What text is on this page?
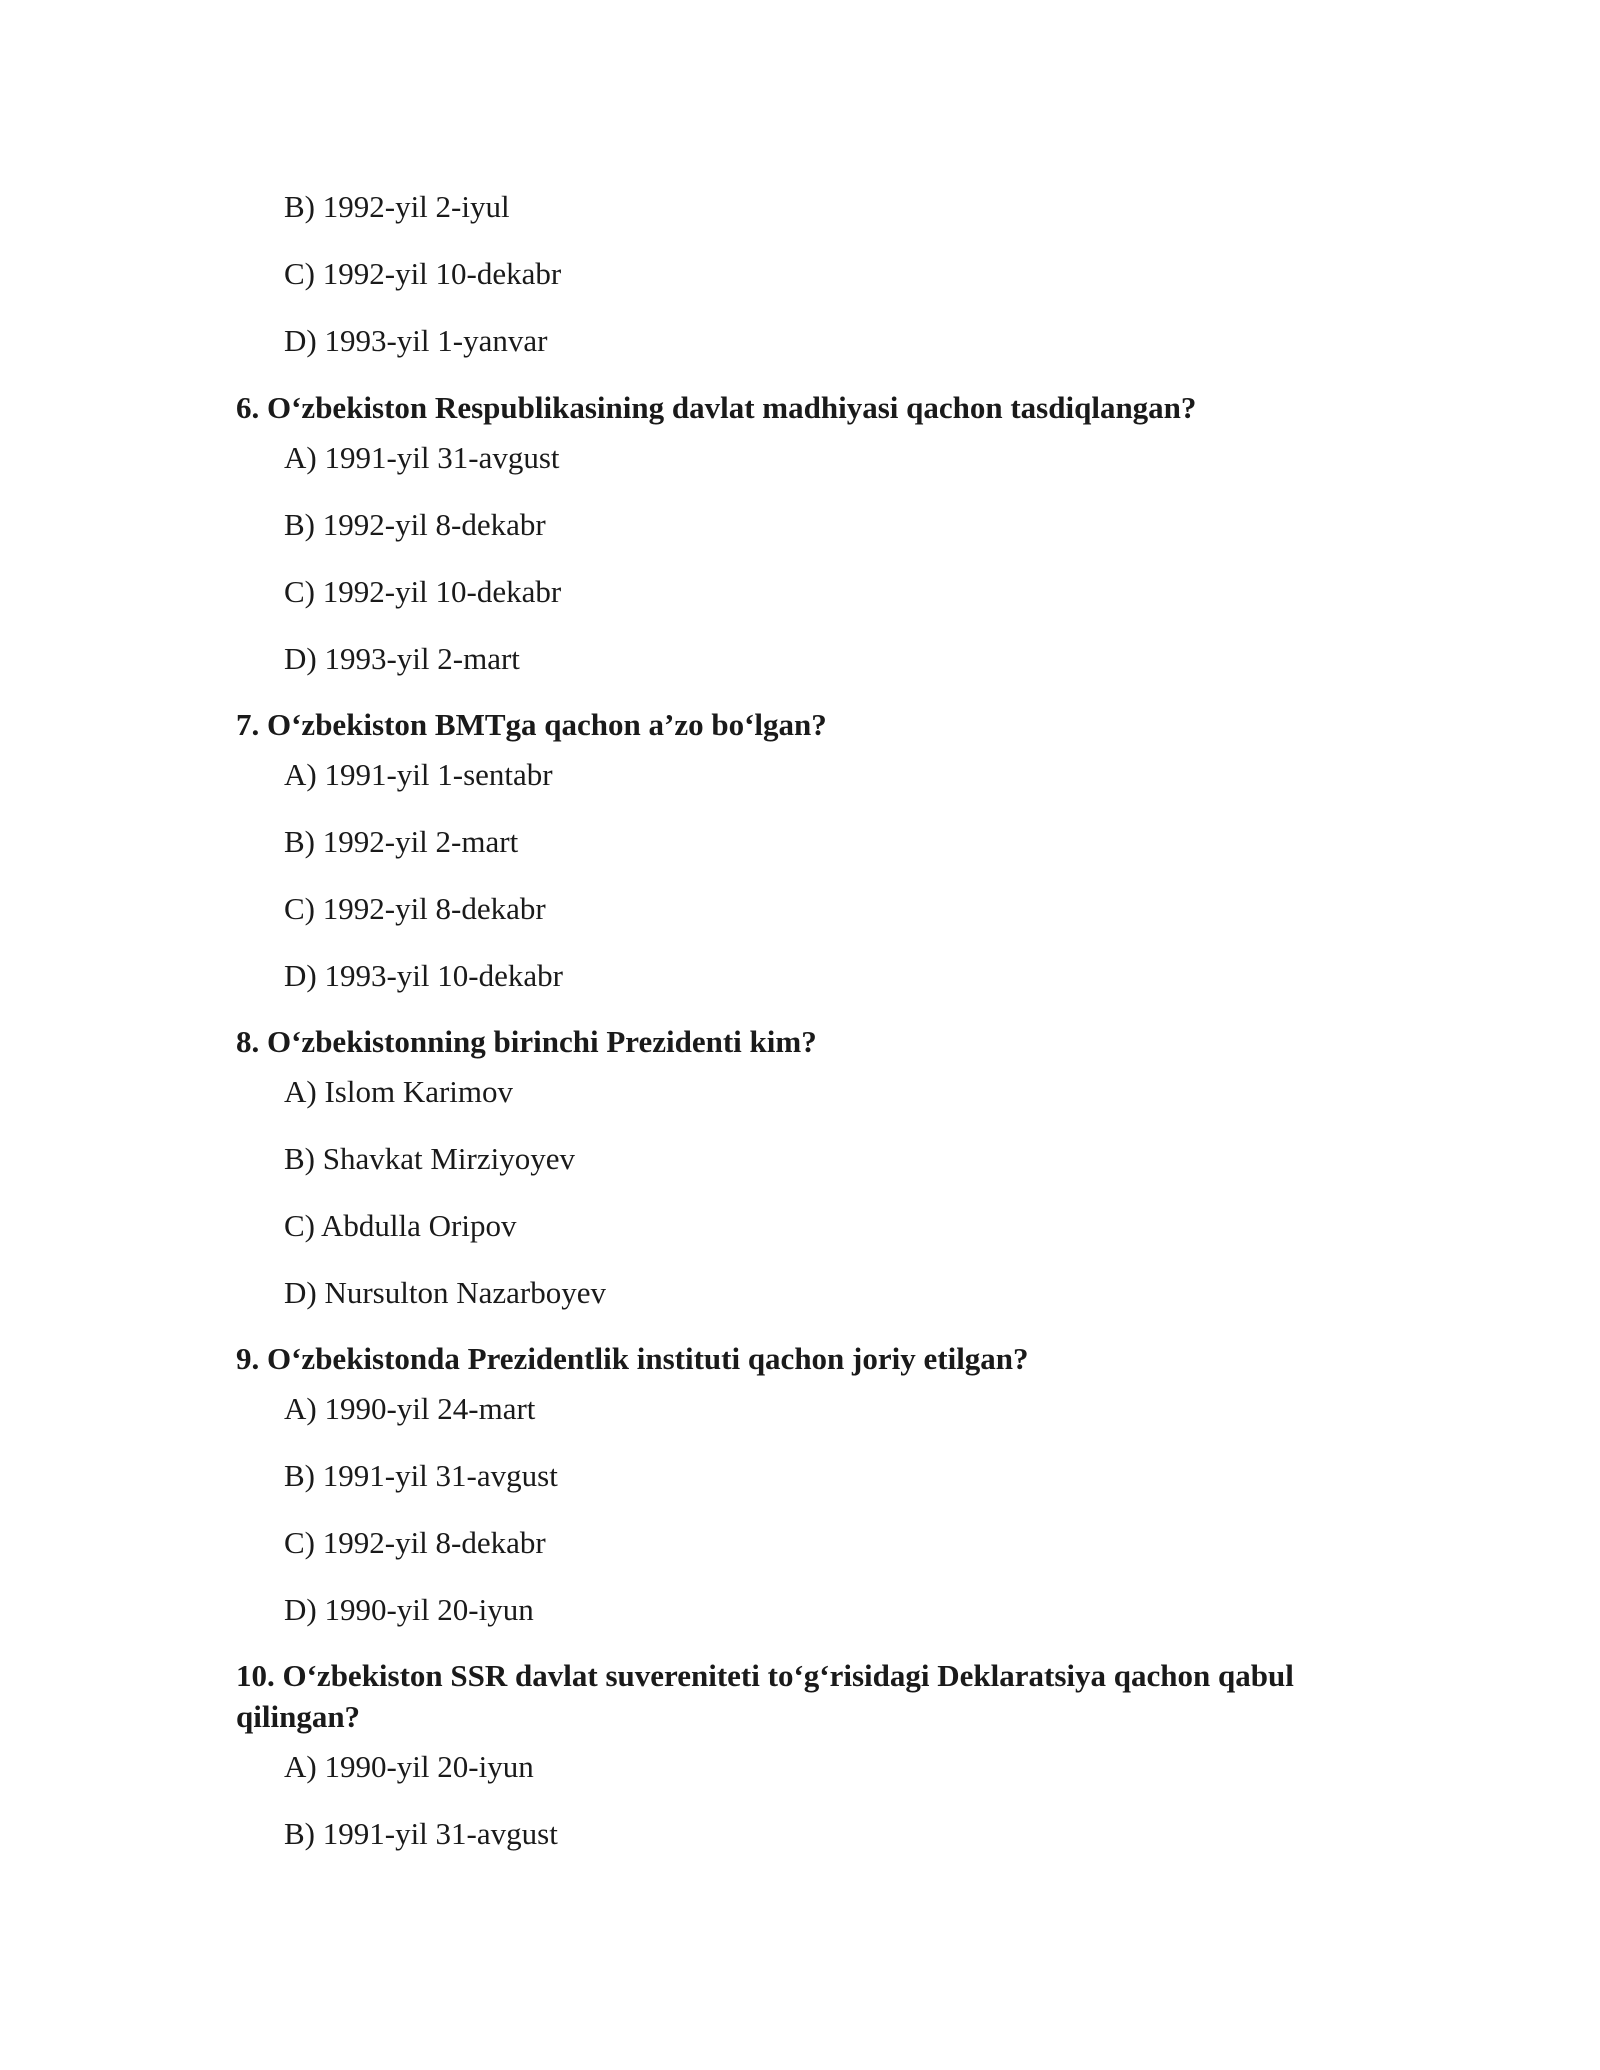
B) 1992-yil 2-iyul
C) 1992-yil 10-dekabr
D) 1993-yil 1-yanvar
6. O‘zbekiston Respublikasining davlat madhiyasi qachon tasdiqlangan?
A) 1991-yil 31-avgust
B) 1992-yil 8-dekabr
C) 1992-yil 10-dekabr
D) 1993-yil 2-mart
7. O‘zbekiston BMTga qachon a’zo bo‘lgan?
A) 1991-yil 1-sentabr
B) 1992-yil 2-mart
C) 1992-yil 8-dekabr
D) 1993-yil 10-dekabr
8. O‘zbekistonning birinchi Prezidenti kim?
A) Islom Karimov
B) Shavkat Mirziyoyev
C) Abdulla Oripov
D) Nursulton Nazarboyev
9. O‘zbekistonda Prezidentlik instituti qachon joriy etilgan?
A) 1990-yil 24-mart
B) 1991-yil 31-avgust
C) 1992-yil 8-dekabr
D) 1990-yil 20-iyun
10. O‘zbekiston SSR davlat suvereniteti to‘g‘risidagi Deklaratsiya qachon qabul qilingan?
A) 1990-yil 20-iyun
B) 1991-yil 31-avgust
